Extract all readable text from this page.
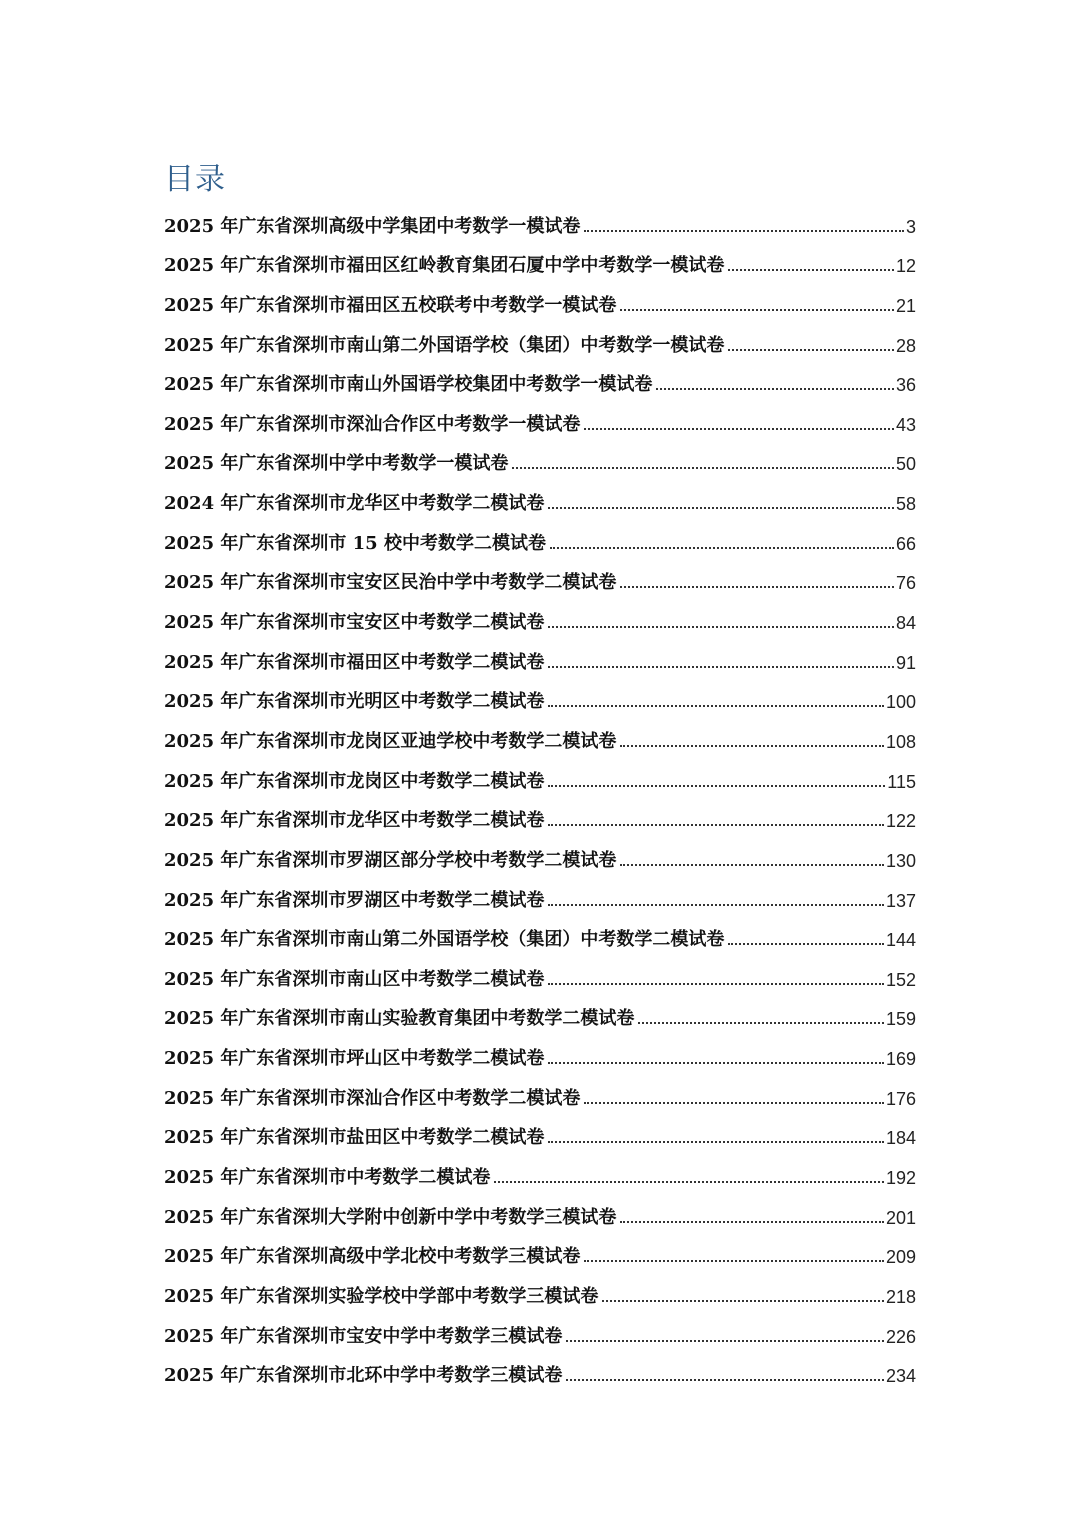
目录
2025 年广东省深圳高级中学集团中考数学一模试卷	3
2025 年广东省深圳市福田区红岭教育集团石厦中学中考数学一模试卷	12
2025 年广东省深圳市福田区五校联考中考数学一模试卷	21
2025 年广东省深圳市南山第二外国语学校（集团）中考数学一模试卷	28
2025 年广东省深圳市南山外国语学校集团中考数学一模试卷	36
2025 年广东省深圳市深汕合作区中考数学一模试卷	43
2025 年广东省深圳中学中考数学一模试卷	50
2024 年广东省深圳市龙华区中考数学二模试卷	58
2025 年广东省深圳市 15 校中考数学二模试卷	66
2025 年广东省深圳市宝安区民治中学中考数学二模试卷	76
2025 年广东省深圳市宝安区中考数学二模试卷	84
2025 年广东省深圳市福田区中考数学二模试卷	91
2025 年广东省深圳市光明区中考数学二模试卷	100
2025 年广东省深圳市龙岗区亚迪学校中考数学二模试卷	108
2025 年广东省深圳市龙岗区中考数学二模试卷	115
2025 年广东省深圳市龙华区中考数学二模试卷	122
2025 年广东省深圳市罗湖区部分学校中考数学二模试卷	130
2025 年广东省深圳市罗湖区中考数学二模试卷	137
2025 年广东省深圳市南山第二外国语学校（集团）中考数学二模试卷	144
2025 年广东省深圳市南山区中考数学二模试卷	152
2025 年广东省深圳市南山实验教育集团中考数学二模试卷	159
2025 年广东省深圳市坪山区中考数学二模试卷	169
2025 年广东省深圳市深汕合作区中考数学二模试卷	176
2025 年广东省深圳市盐田区中考数学二模试卷	184
2025 年广东省深圳市中考数学二模试卷	192
2025 年广东省深圳大学附中创新中学中考数学三模试卷	201
2025 年广东省深圳高级中学北校中考数学三模试卷	209
2025 年广东省深圳实验学校中学部中考数学三模试卷	218
2025 年广东省深圳市宝安中学中考数学三模试卷	226
2025 年广东省深圳市北环中学中考数学三模试卷	234
